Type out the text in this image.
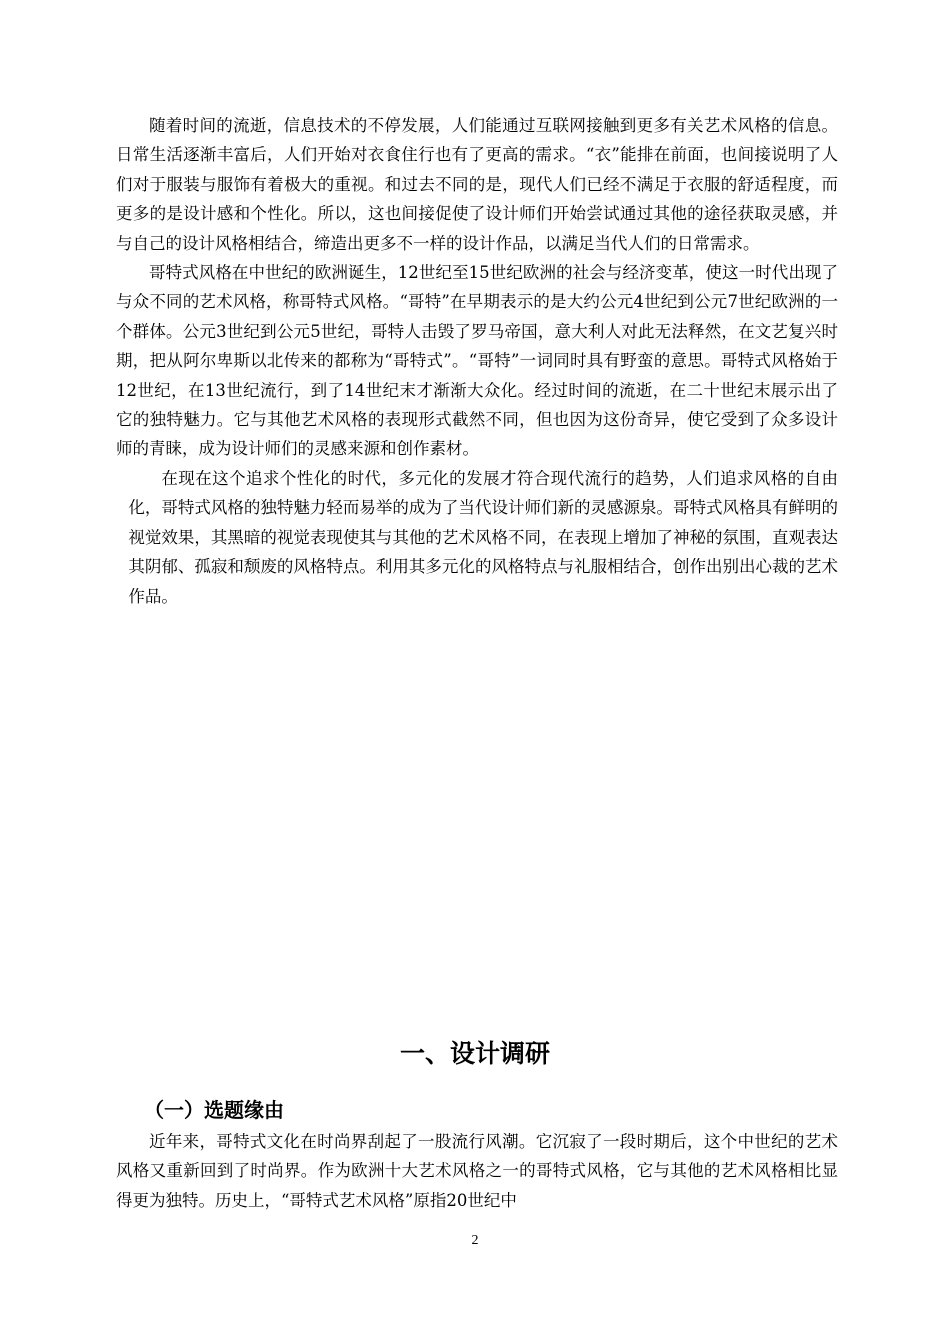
随着时间的流逝，信息技术的不停发展，人们能通过互联网接触到更多有关艺术风格的信息。日常生活逐渐丰富后，人们开始对衣食住行也有了更高的需求。“衣”能排在前面，也间接说明了人们对于服装与服饰有着极大的重视。和过去不同的是，现代人们已经不满足于衣服的舒适程度，而更多的是设计感和个性化。所以，这也间接促使了设计师们开始尝试通过其他的途径获取灵感，并与自己的设计风格相结合，缔造出更多不一样的设计作品，以满足当代人们的日常需求。

哥特式风格在中世纪的欧洲诞生，12世纪至15世纪欧洲的社会与经济变革，使这一时代出现了与众不同的艺术风格，称哥特式风格。“哥特”在早期表示的是大约公元4世纪到公元7世纪欧洲的一个群体。公元3世纪到公元5世纪，哥特人击毁了罗马帝国，意大利人对此无法释然，在文艺复兴时期，把从阿尔卑斯以北传来的都称为“哥特式”。“哥特”一词同时具有野蛮的意思。哥特式风格始于12世纪，在13世纪流行，到了14世纪末才渐渐大众化。经过时间的流逝，在二十世纪末展示出了它的独特魅力。它与其他艺术风格的表现形式截然不同，但也因为这份奇异，使它受到了众多设计师的青睐，成为设计师们的灵感来源和创作素材。

在现在这个追求个性化的时代，多元化的发展才符合现代流行的趋势，人们追求风格的自由化，哥特式风格的独特魅力轻而易举的成为了当代设计师们新的灵感源泉。哥特式风格具有鲜明的视觉效果，其黑暗的视觉表现使其与其他的艺术风格不同，在表现上增加了神秘的氛围，直观表达其阴郁、孤寂和颓废的风格特点。利用其多元化的风格特点与礼服相结合，创作出别出心裁的艺术作品。

一、设计调研
（一）选题缘由

近年来，哥特式文化在时尚界刮起了一股流行风潮。它沉寂了一段时期后，这个中世纪的艺术风格又重新回到了时尚界。作为欧洲十大艺术风格之一的哥特式风格，它与其他的艺术风格相比显得更为独特。历史上，“哥特式艺术风格”原指20世纪中

2
